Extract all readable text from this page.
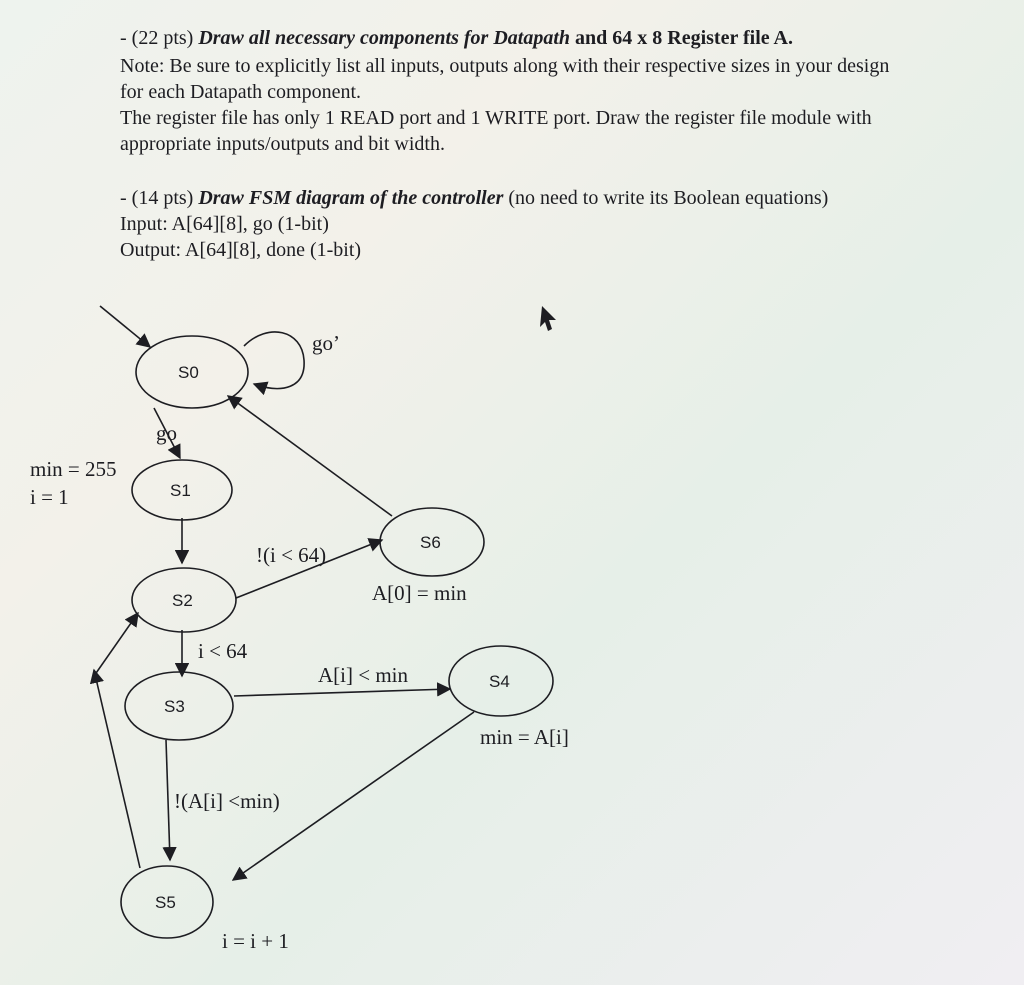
- (22 pts) Draw all necessary components for Datapath and 64 x 8 Register file A.
Note: Be sure to explicitly list all inputs, outputs along with their respective sizes in your design
for each Datapath component.
The register file has only 1 READ port and 1 WRITE port. Draw the register file module with
appropriate inputs/outputs and bit width.
- (14 pts) Draw FSM diagram of the controller (no need to write its Boolean equations)
Input: A[64][8], go (1-bit)
Output: A[64][8], done (1-bit)
S0
S1
S2
S3
S4
S5
S6
go’
go
!(i < 64)
i < 64
A[i] < min
!(A[i] <min)
min = 255
i = 1
A[0] = min
min = A[i]
i = i + 1
